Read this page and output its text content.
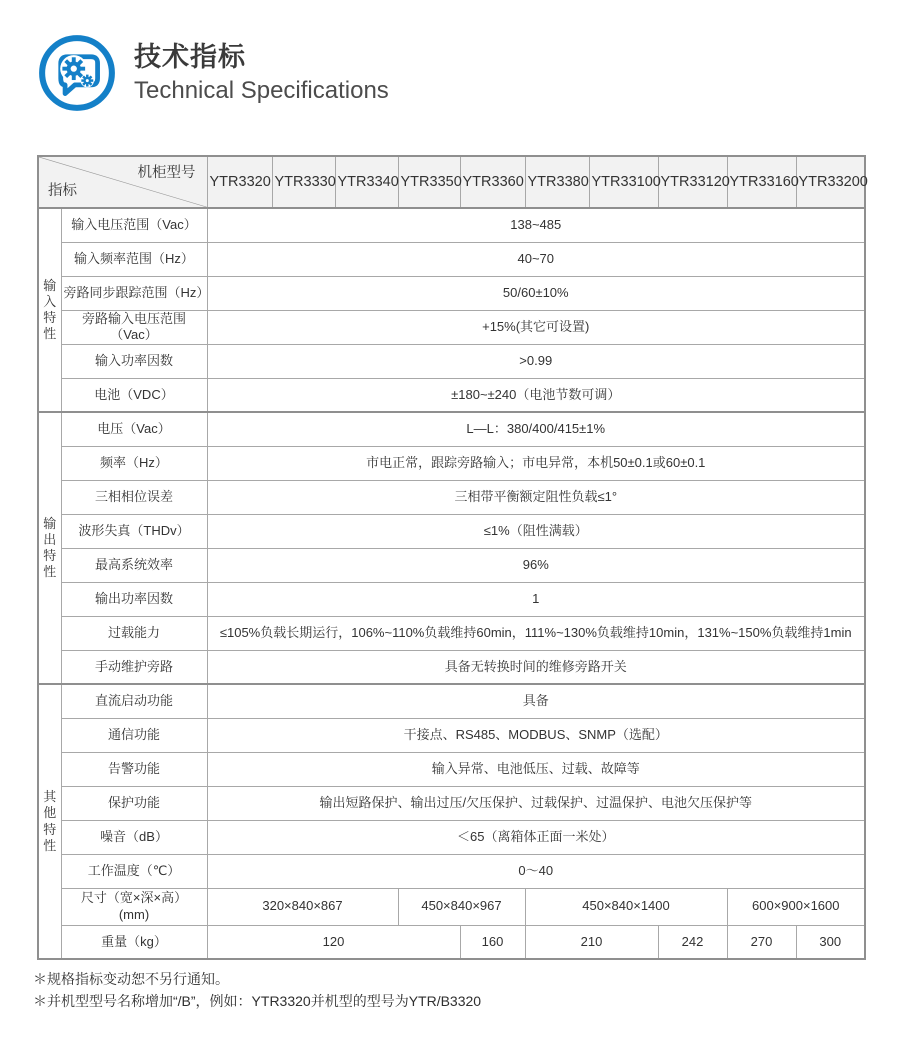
技术指标
Technical Specifications
机柜型号
指标		YTR3320	YTR3330	YTR3340	YTR3350	YTR3360	YTR3380	YTR33100	YTR33120	YTR33160	YTR33200
输入特性	输入电压范围（Vac）	138~485									
	输入频率范围（Hz）	40~70									
	旁路同步跟踪范围（Hz）	50/60±10%									
	旁路输入电压范围（Vac）	+15%(其它可设置)									
	输入功率因数	>0.99									
	电池（VDC）	±180~±240（电池节数可调）									
输出特性	电压（Vac）	L—L：380/400/415±1%									
	频率（Hz）	市电正常，跟踪旁路输入；市电异常，本机50±0.1或60±0.1									
	三相相位误差	三相带平衡额定阻性负载≤1°									
	波形失真（THDv）	≤1%（阻性满载）									
	最高系统效率	96%									
	输出功率因数	1									
	过载能力	≤105%负载长期运行，106%~110%负载维持60min，111%~130%负载维持10min，131%~150%负载维持1min									
	手动维护旁路	具备无转换时间的维修旁路开关									
其他特性	直流启动功能	具备									
	通信功能	干接点、RS485、MODBUS、SNMP（选配）									
	告警功能	输入异常、电池低压、过载、故障等									
	保护功能	输出短路保护、输出过压/欠压保护、过载保护、过温保护、电池欠压保护等									
	噪音（dB）	＜65（离箱体正面一米处）									
	工作温度（℃）	0～40									

	尺寸（宽×深×高）
(mm)	320×840×867			450×840×967		450×840×1400			600×900×1600	
	重量（kg）	120				160	210		242	270	300
＊规格指标变动恕不另行通知。
＊并机型型号名称增加“/B”，例如：YTR3320并机型的型号为YTR/B3320
